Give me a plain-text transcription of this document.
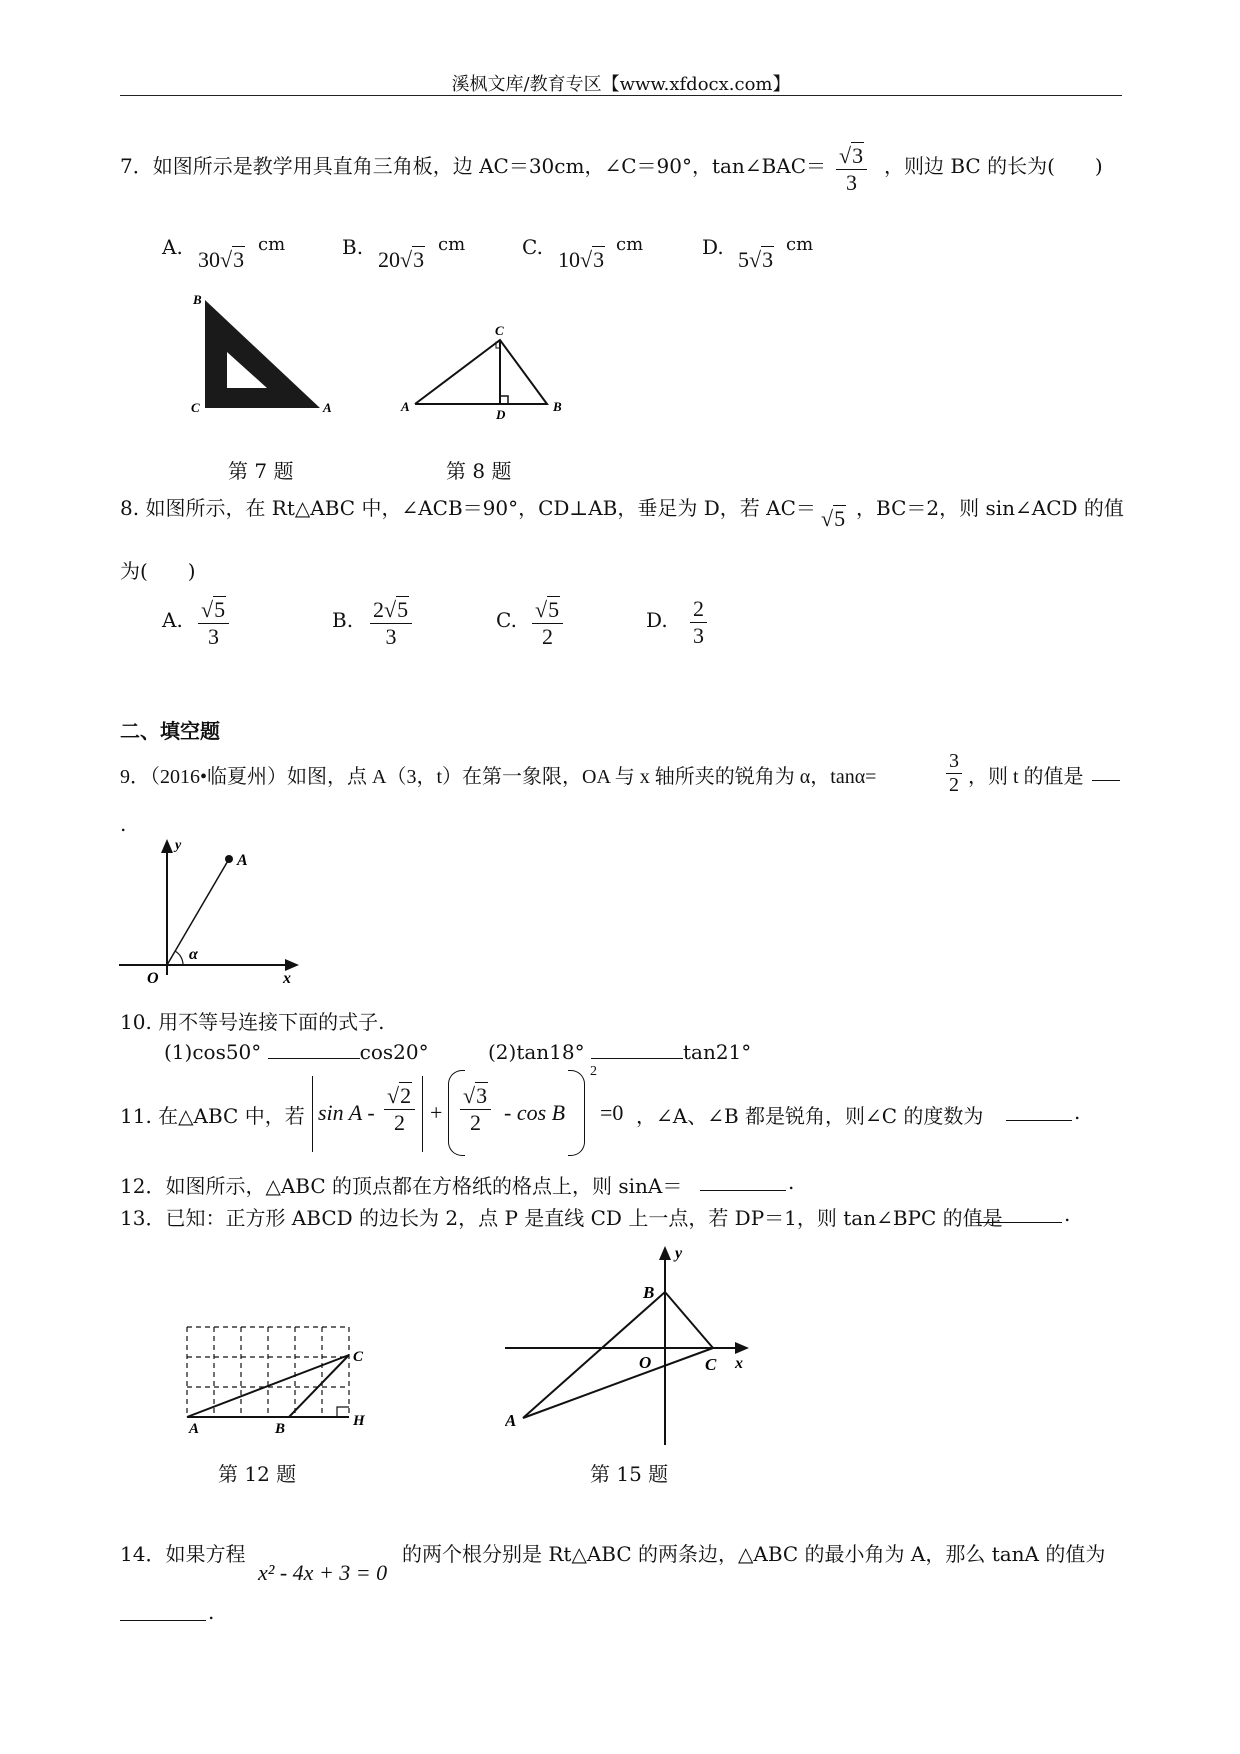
溪枫文库/教育专区【www.xfdocx.com】
7．如图所示是教学用具直角三角板，边 AC＝30cm，∠C＝90°，tan∠BAC＝ $\frac{√3}{3}$ ，则边 BC 的长为(　　)
A. 30√3
cm	B. 20√3
cm	C. 10√3
cm	D. 5√3
cm
B
C	A
第 7 题
C
A
D
B
第 8 题
8. 如图所示，在 Rt△ABC 中，∠ACB＝90°，CD⊥AB，垂足为 D，若 AC＝ √5 ，BC＝2，则 sin∠ACD 的值
为(　　)
A. $\frac{√5}{3}$	B. $\frac{2√5}{3}$	C. $\frac{√5}{2}$	D. $\frac{2}{3}$
二、填空题
9．（2016•临夏州）如图，点 A（3，t）在第一象限，OA 与 x 轴所夹的锐角为 α，tanα=	$\frac{3}{2}$ ，则 t 的值是
.
y
A
α
O	x
10. 用不等号连接下面的式子.
(1)cos50°	cos20°	(2)tan18°	tan21°
11. 在△ABC 中，若 $\sin A - \frac{√2}{2} + \frac{√3}{2} - \cos B$
2
=0 ，∠A、∠B 都是锐角，则∠C 的度数为	.
12．如图所示，△ABC 的顶点都在方格纸的格点上，则 sinA＝	.
13．已知：正方形 ABCD 的边长为 2，点 P 是直线 CD 上一点，若 DP＝1，则 tan∠BPC 的值是	.
C
A	B	H
第 12 题
y
B
O	C x
A
第 15 题
14．如果方程
x² - 4x + 3 = 0
的两个根分别是 Rt△ABC 的两条边，△ABC 的最小角为 A，那么 tanA 的值为
.
